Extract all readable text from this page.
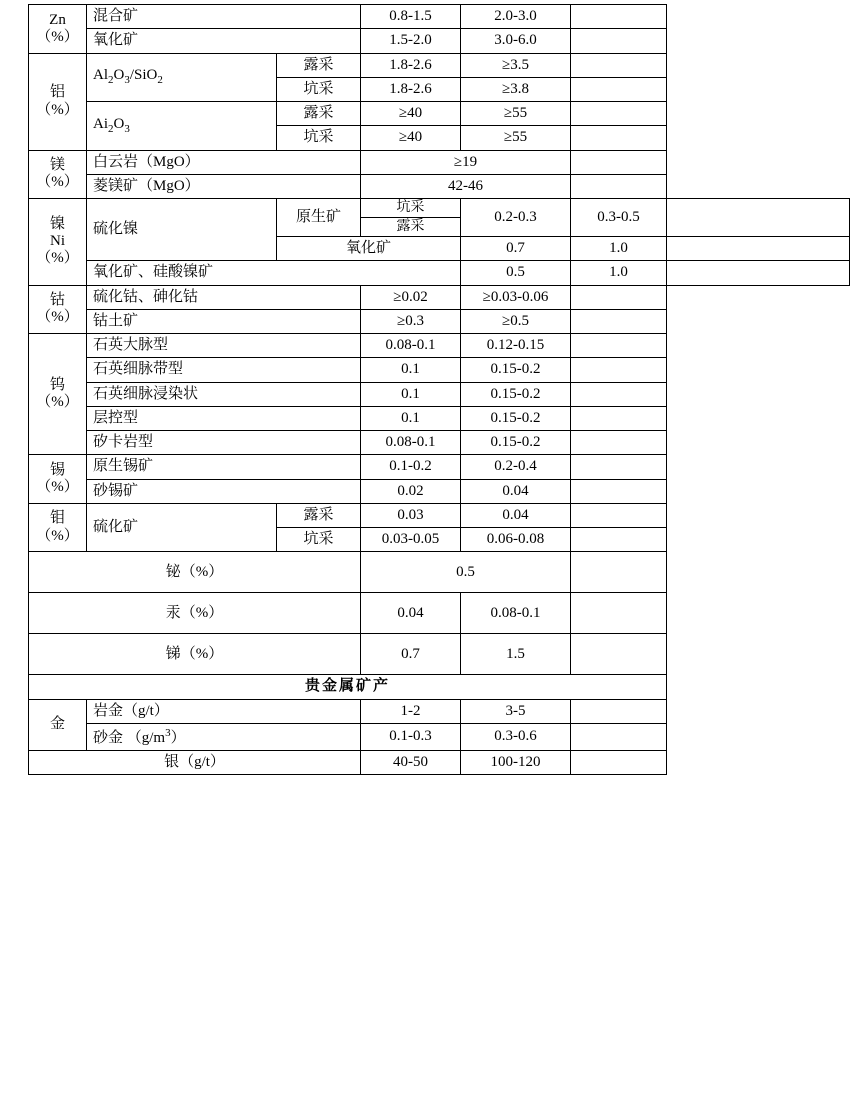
Zn
（%）	混合矿		0.8-1.5	2.0-3.0		
	氧化矿		1.5-2.0	3.0-6.0		

铝
（%）	$Al_2O_3/SiO_2$	露采	1.8-2.6	≥3.5		
		坑采	1.8-2.6	≥3.8		
	$Ai_2O_3$	露采	≥40	≥55		
		坑采	≥40	≥55		

镁
（%）	白云岩（MgO）		≥19			
	菱镁矿（MgO）		42-46			

镍
Ni
（%）	硫化镍	原生矿	坑采	0.2-0.3	0.3-0.5	
			露采			
		氧化矿		0.7	1.0	
	氧化矿、硅酸镍矿			0.5	1.0	

钴
（%）	硫化钴、砷化钴		≥0.02	≥0.03-0.06		
	钴土矿		≥0.3	≥0.5		

钨
（%）	石英大脉型		0.08-0.1	0.12-0.15		
	石英细脉带型		0.1	0.15-0.2		
	石英细脉浸染状		0.1	0.15-0.2		
	层控型		0.1	0.15-0.2		
	矽卡岩型		0.08-0.1	0.15-0.2		

锡
（%）	原生锡矿		0.1-0.2	0.2-0.4		
	砂锡矿		0.02	0.04		

钼
（%）	硫化矿	露采	0.03	0.04		
		坑采	0.03-0.05	0.06-0.08		
铋（%）			0.5			
汞（%）			0.04	0.08-0.1		
锑（%）			0.7	1.5		
贵金属矿产						

金	岩金（g/t）		1-2	3-5		
	砂金 $(g/m^3)$		0.1-0.3	0.3-0.6		
银（g/t）			40-50	100-120		
